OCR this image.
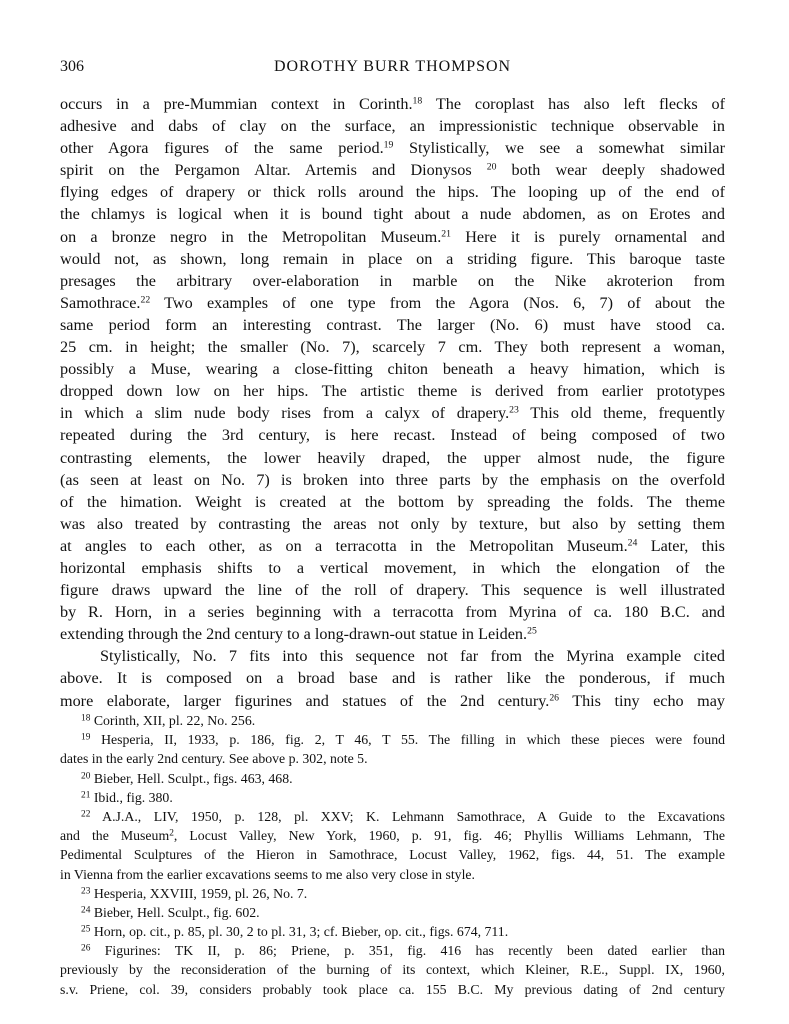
306	DOROTHY BURR THOMPSON
occurs in a pre-Mummian context in Corinth.$^{18}$ The coroplast has also left flecks of
adhesive and dabs of clay on the surface, an impressionistic technique observable in
other Agora figures of the same period.$^{19}$ Stylistically, we see a somewhat similar
spirit on the Pergamon Altar. Artemis and Dionysos $^{20}$ both wear deeply shadowed
flying edges of drapery or thick rolls around the hips. The looping up of the end of
the chlamys is logical when it is bound tight about a nude abdomen, as on Erotes and
on a bronze negro in the Metropolitan Museum.$^{21}$ Here it is purely ornamental and
would not, as shown, long remain in place on a striding figure. This baroque taste
presages the arbitrary over-elaboration in marble on the Nike akroterion from
Samothrace.$^{22}$ Two examples of one type from the Agora (Nos. 6, 7) of about the
same period form an interesting contrast. The larger (No. 6) must have stood ca.
25 cm. in height; the smaller (No. 7), scarcely 7 cm. They both represent a woman,
possibly a Muse, wearing a close-fitting chiton beneath a heavy himation, which is
dropped down low on her hips. The artistic theme is derived from earlier prototypes
in which a slim nude body rises from a calyx of drapery.$^{23}$ This old theme, frequently
repeated during the 3rd century, is here recast. Instead of being composed of two
contrasting elements, the lower heavily draped, the upper almost nude, the figure
(as seen at least on No. 7) is broken into three parts by the emphasis on the overfold
of the himation. Weight is created at the bottom by spreading the folds. The theme
was also treated by contrasting the areas not only by texture, but also by setting them
at angles to each other, as on a terracotta in the Metropolitan Museum.$^{24}$ Later, this
horizontal emphasis shifts to a vertical movement, in which the elongation of the
figure draws upward the line of the roll of drapery. This sequence is well illustrated
by R. Horn, in a series beginning with a terracotta from Myrina of ca. 180 B.C. and
extending through the 2nd century to a long-drawn-out statue in Leiden.$^{25}$
Stylistically, No. 7 fits into this sequence not far from the Myrina example cited
above. It is composed on a broad base and is rather like the ponderous, if much
more elaborate, larger figurines and statues of the 2nd century.$^{26}$ This tiny echo may
$^{18}$ Corinth, XII, pl. 22, No. 256.
$^{19}$ Hesperia, II, 1933, p. 186, fig. 2, T 46, T 55. The filling in which these pieces were found
dates in the early 2nd century. See above p. 302, note 5.
$^{20}$ Bieber, Hell. Sculpt., figs. 463, 468.
$^{21}$ Ibid., fig. 380.
$^{22}$ A.J.A., LIV, 1950, p. 128, pl. XXV; K. Lehmann Samothrace, A Guide to the Excavations
and the Museum$^2$, Locust Valley, New York, 1960, p. 91, fig. 46; Phyllis Williams Lehmann, The
Pedimental Sculptures of the Hieron in Samothrace, Locust Valley, 1962, figs. 44, 51. The example
in Vienna from the earlier excavations seems to me also very close in style.
$^{23}$ Hesperia, XXVIII, 1959, pl. 26, No. 7.
$^{24}$ Bieber, Hell. Sculpt., fig. 602.
$^{25}$ Horn, op. cit., p. 85, pl. 30, 2 to pl. 31, 3; cf. Bieber, op. cit., figs. 674, 711.
$^{26}$ Figurines: TK II, p. 86; Priene, p. 351, fig. 416 has recently been dated earlier than
previously by the reconsideration of the burning of its context, which Kleiner, R.E., Suppl. IX, 1960,
s.v. Priene, col. 39, considers probably took place ca. 155 B.C. My previous dating of 2nd century
